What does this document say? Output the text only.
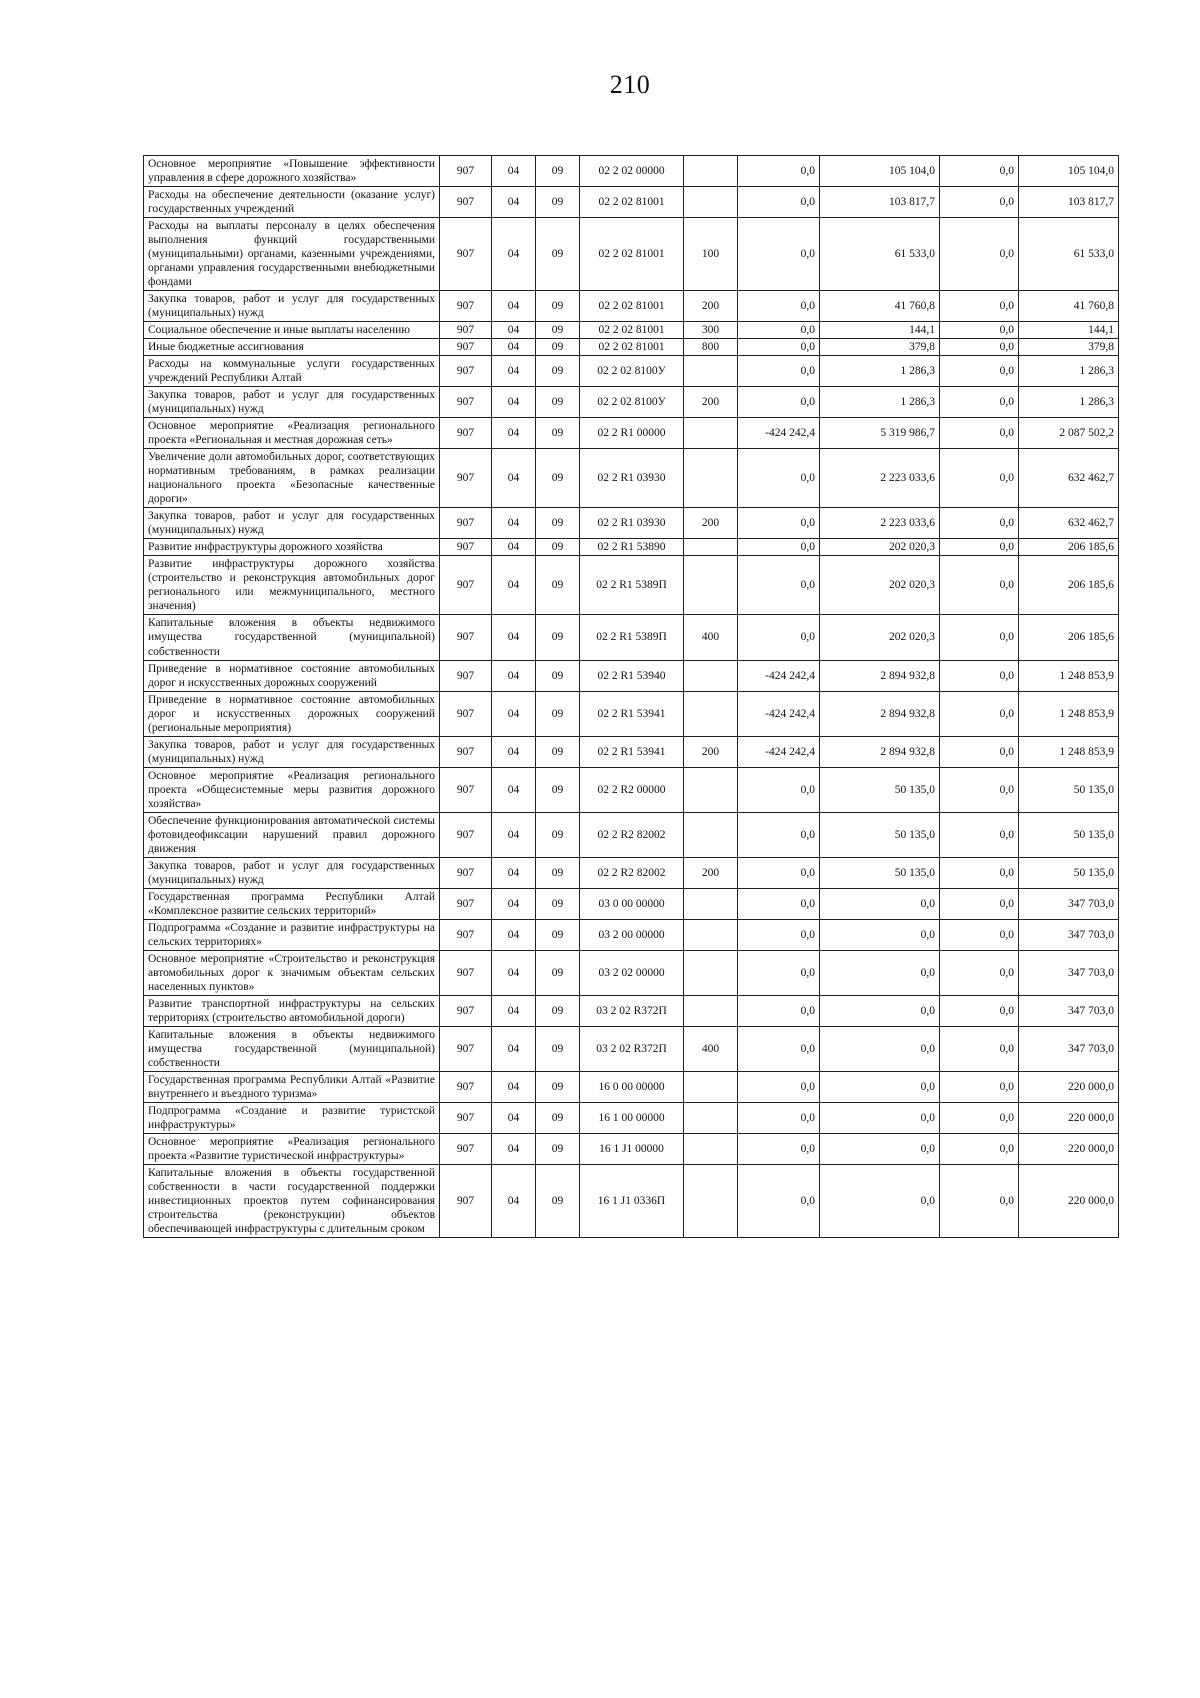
210
Основное мероприятие «Повышение эффективности управления в сфере дорожного хозяйства»	907	04	09	02 2 02 00000		0,0	105 104,0	0,0	105 104,0
Расходы на обеспечение деятельности (оказание услуг) государственных учреждений	907	04	09	02 2 02 81001		0,0	103 817,7	0,0	103 817,7
Расходы на выплаты персоналу в целях обеспечения выполнения функций государственными (муниципальными) органами, казенными учреждениями, органами управления государственными внебюджетными фондами	907	04	09	02 2 02 81001	100	0,0	61 533,0	0,0	61 533,0
Закупка товаров, работ и услуг для государственных (муниципальных) нужд	907	04	09	02 2 02 81001	200	0,0	41 760,8	0,0	41 760,8
Социальное обеспечение и иные выплаты населению	907	04	09	02 2 02 81001	300	0,0	144,1	0,0	144,1
Иные бюджетные ассигнования	907	04	09	02 2 02 81001	800	0,0	379,8	0,0	379,8
Расходы на коммунальные услуги государственных учреждений Республики Алтай	907	04	09	02 2 02 8100У		0,0	1 286,3	0,0	1 286,3
Закупка товаров, работ и услуг для государственных (муниципальных) нужд	907	04	09	02 2 02 8100У	200	0,0	1 286,3	0,0	1 286,3
Основное мероприятие «Реализация регионального проекта «Региональная и местная дорожная сеть»	907	04	09	02 2 R1 00000		-424 242,4	5 319 986,7	0,0	2 087 502,2
Увеличение доли автомобильных дорог, соответствующих нормативным требованиям, в рамках реализации национального проекта «Безопасные качественные дороги»	907	04	09	02 2 R1 03930		0,0	2 223 033,6	0,0	632 462,7
Закупка товаров, работ и услуг для государственных (муниципальных) нужд	907	04	09	02 2 R1 03930	200	0,0	2 223 033,6	0,0	632 462,7
Развитие инфраструктуры дорожного хозяйства	907	04	09	02 2 R1 53890		0,0	202 020,3	0,0	206 185,6
Развитие инфраструктуры дорожного хозяйства (строительство и реконструкция автомобильных дорог регионального или межмуниципального, местного значения)	907	04	09	02 2 R1 5389П		0,0	202 020,3	0,0	206 185,6
Капитальные вложения в объекты недвижимого имущества государственной (муниципальной) собственности	907	04	09	02 2 R1 5389П	400	0,0	202 020,3	0,0	206 185,6
Приведение в нормативное состояние автомобильных дорог и искусственных дорожных сооружений	907	04	09	02 2 R1 53940		-424 242,4	2 894 932,8	0,0	1 248 853,9
Приведение в нормативное состояние автомобильных дорог и искусственных дорожных сооружений (региональные мероприятия)	907	04	09	02 2 R1 53941		-424 242,4	2 894 932,8	0,0	1 248 853,9
Закупка товаров, работ и услуг для государственных (муниципальных) нужд	907	04	09	02 2 R1 53941	200	-424 242,4	2 894 932,8	0,0	1 248 853,9
Основное мероприятие «Реализация регионального проекта «Общесистемные меры развития дорожного хозяйства»	907	04	09	02 2 R2 00000		0,0	50 135,0	0,0	50 135,0
Обеспечение функционирования автоматической системы фотовидеофиксации нарушений правил дорожного движения	907	04	09	02 2 R2 82002		0,0	50 135,0	0,0	50 135,0
Закупка товаров, работ и услуг для государственных (муниципальных) нужд	907	04	09	02 2 R2 82002	200	0,0	50 135,0	0,0	50 135,0
Государственная программа Республики Алтай «Комплексное развитие сельских территорий»	907	04	09	03 0 00 00000		0,0	0,0	0,0	347 703,0
Подпрограмма «Создание и развитие инфраструктуры на сельских территориях»	907	04	09	03 2 00 00000		0,0	0,0	0,0	347 703,0
Основное мероприятие «Строительство и реконструкция автомобильных дорог к значимым объектам сельских населенных пунктов»	907	04	09	03 2 02 00000		0,0	0,0	0,0	347 703,0
Развитие транспортной инфраструктуры на сельских территориях (строительство автомобильной дороги)	907	04	09	03 2 02 R372П		0,0	0,0	0,0	347 703,0
Капитальные вложения в объекты недвижимого имущества государственной (муниципальной) собственности	907	04	09	03 2 02 R372П	400	0,0	0,0	0,0	347 703,0
Государственная программа Республики Алтай «Развитие внутреннего и въездного туризма»	907	04	09	16 0 00 00000		0,0	0,0	0,0	220 000,0
Подпрограмма «Создание и развитие туристской инфраструктуры»	907	04	09	16 1 00 00000		0,0	0,0	0,0	220 000,0
Основное мероприятие «Реализация регионального проекта «Развитие туристической инфраструктуры»	907	04	09	16 1 J1 00000		0,0	0,0	0,0	220 000,0
Капитальные вложения в объекты государственной собственности в части государственной поддержки инвестиционных проектов путем софинансирования строительства (реконструкции) объектов обеспечивающей инфраструктуры с длительным сроком	907	04	09	16 1 J1 0336П		0,0	0,0	0,0	220 000,0
